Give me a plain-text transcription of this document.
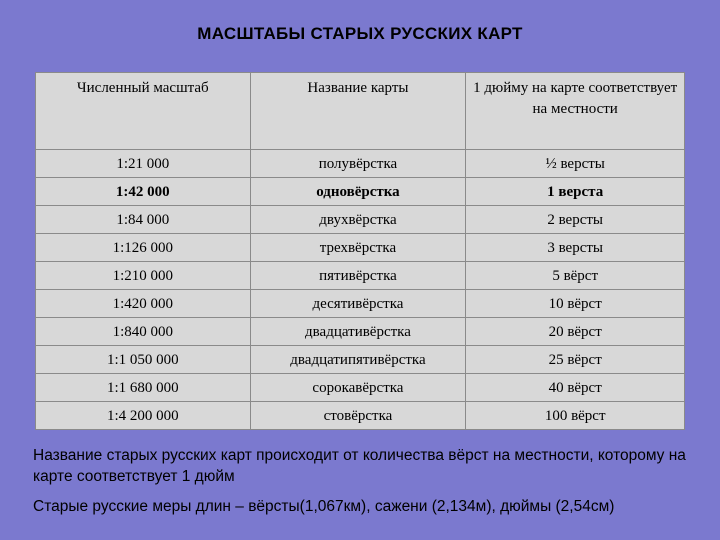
МАСШТАБЫ СТАРЫХ РУССКИХ КАРТ
Численный масштаб	Название карты	1 дюйму на карте соответствует на местности
1:21 000	полувёрстка	½ версты
1:42 000	одновёрстка	1 верста
1:84 000	двухвёрстка	2 версты
1:126 000	трехвёрстка	3 версты
1:210 000	пятивёрстка	5 вёрст
1:420 000	десятивёрстка	10 вёрст
1:840 000	двадцативёрстка	20 вёрст
1:1 050 000	двадцатипятивёрстка	25 вёрст
1:1 680 000	сорокавёрстка	40 вёрст
1:4 200 000	стовёрстка	100 вёрст
Название старых русских карт происходит от количества вёрст на местности, которому на карте соответствует 1 дюйм
Старые русские меры длин – вёрсты(1,067км), сажени (2,134м), дюймы (2,54см)
